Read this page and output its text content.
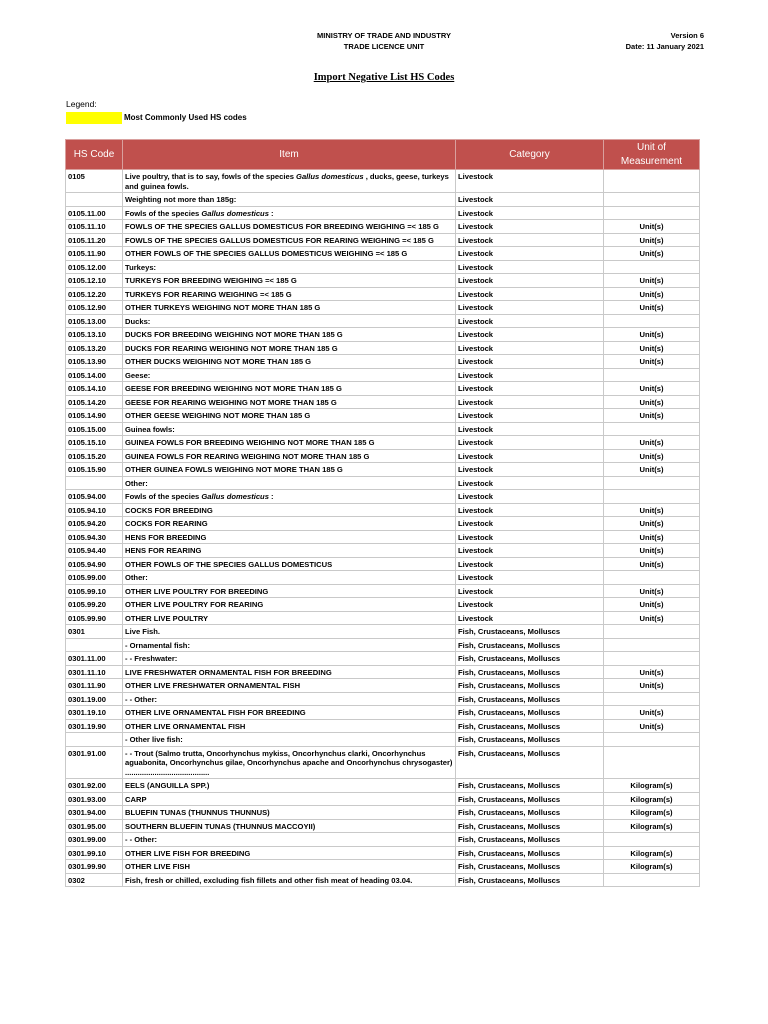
MINISTRY OF TRADE AND INDUSTRY
TRADE LICENCE UNIT
Version 6
Date: 11 January 2021
Import Negative List HS Codes
Legend:
Most Commonly Used HS codes
HS Code	Item	Category	Unit of Measurement
0105	Live poultry, that is to say, fowls of the species Gallus domesticus , ducks, geese, turkeys and guinea fowls.	Livestock	
	Weighting not more than 185g:	Livestock	
0105.11.00	Fowls of the species Gallus domesticus :	Livestock	
0105.11.10	FOWLS OF THE SPECIES GALLUS DOMESTICUS FOR BREEDING WEIGHING =< 185 G	Livestock	Unit(s)
0105.11.20	FOWLS OF THE SPECIES GALLUS DOMESTICUS FOR REARING WEIGHING =< 185 G	Livestock	Unit(s)
0105.11.90	OTHER FOWLS OF THE SPECIES GALLUS DOMESTICUS WEIGHING =< 185 G	Livestock	Unit(s)
0105.12.00	Turkeys:	Livestock	
0105.12.10	TURKEYS FOR BREEDING WEIGHING =< 185 G	Livestock	Unit(s)
0105.12.20	TURKEYS FOR REARING WEIGHING =< 185 G	Livestock	Unit(s)
0105.12.90	OTHER TURKEYS WEIGHING NOT MORE THAN 185 G	Livestock	Unit(s)
0105.13.00	Ducks:	Livestock	
0105.13.10	DUCKS FOR BREEDING WEIGHING NOT MORE THAN 185 G	Livestock	Unit(s)
0105.13.20	DUCKS FOR REARING WEIGHING NOT MORE THAN 185 G	Livestock	Unit(s)
0105.13.90	OTHER DUCKS WEIGHING NOT MORE THAN 185 G	Livestock	Unit(s)
0105.14.00	Geese:	Livestock	
0105.14.10	GEESE FOR BREEDING WEIGHING NOT MORE THAN 185 G	Livestock	Unit(s)
0105.14.20	GEESE FOR REARING WEIGHING NOT MORE THAN 185 G	Livestock	Unit(s)
0105.14.90	OTHER GEESE WEIGHING NOT MORE THAN 185 G	Livestock	Unit(s)
0105.15.00	Guinea fowls:	Livestock	
0105.15.10	GUINEA FOWLS FOR BREEDING WEIGHING NOT MORE THAN 185 G	Livestock	Unit(s)
0105.15.20	GUINEA FOWLS FOR REARING WEIGHING NOT MORE THAN 185 G	Livestock	Unit(s)
0105.15.90	OTHER GUINEA FOWLS WEIGHING NOT MORE THAN 185 G	Livestock	Unit(s)
	Other:	Livestock	
0105.94.00	Fowls of the species Gallus domesticus :	Livestock	
0105.94.10	COCKS FOR BREEDING	Livestock	Unit(s)
0105.94.20	COCKS FOR REARING	Livestock	Unit(s)
0105.94.30	HENS FOR BREEDING	Livestock	Unit(s)
0105.94.40	HENS FOR REARING	Livestock	Unit(s)
0105.94.90	OTHER FOWLS OF THE SPECIES GALLUS DOMESTICUS	Livestock	Unit(s)
0105.99.00	Other:	Livestock	
0105.99.10	OTHER LIVE POULTRY FOR BREEDING	Livestock	Unit(s)
0105.99.20	OTHER LIVE POULTRY FOR REARING	Livestock	Unit(s)
0105.99.90	OTHER LIVE POULTRY	Livestock	Unit(s)
0301	Live Fish.	Fish, Crustaceans, Molluscs	
	- Ornamental fish:	Fish, Crustaceans, Molluscs	
0301.11.00	- - Freshwater:	Fish, Crustaceans, Molluscs	
0301.11.10	LIVE FRESHWATER ORNAMENTAL FISH FOR BREEDING	Fish, Crustaceans, Molluscs	Unit(s)
0301.11.90	OTHER LIVE FRESHWATER ORNAMENTAL FISH	Fish, Crustaceans, Molluscs	Unit(s)
0301.19.00	- - Other:	Fish, Crustaceans, Molluscs	
0301.19.10	OTHER LIVE ORNAMENTAL FISH FOR BREEDING	Fish, Crustaceans, Molluscs	Unit(s)
0301.19.90	OTHER LIVE ORNAMENTAL FISH	Fish, Crustaceans, Molluscs	Unit(s)
	- Other live fish:	Fish, Crustaceans, Molluscs	
0301.91.00	- - Trout (Salmo trutta, Oncorhynchus mykiss, Oncorhynchus clarki, Oncorhynchus aguabonita, Oncorhynchus gilae, Oncorhynchus apache and Oncorhynchus chrysogaster) ........................................	Fish, Crustaceans, Molluscs	
0301.92.00	EELS (ANGUILLA SPP.)	Fish, Crustaceans, Molluscs	Kilogram(s)
0301.93.00	CARP	Fish, Crustaceans, Molluscs	Kilogram(s)
0301.94.00	BLUEFIN TUNAS (THUNNUS THUNNUS)	Fish, Crustaceans, Molluscs	Kilogram(s)
0301.95.00	SOUTHERN BLUEFIN TUNAS (THUNNUS MACCOYII)	Fish, Crustaceans, Molluscs	Kilogram(s)
0301.99.00	- - Other:	Fish, Crustaceans, Molluscs	
0301.99.10	OTHER LIVE FISH FOR BREEDING	Fish, Crustaceans, Molluscs	Kilogram(s)
0301.99.90	OTHER LIVE FISH	Fish, Crustaceans, Molluscs	Kilogram(s)
0302	Fish, fresh or chilled, excluding fish fillets and other fish meat of heading 03.04.	Fish, Crustaceans, Molluscs	
